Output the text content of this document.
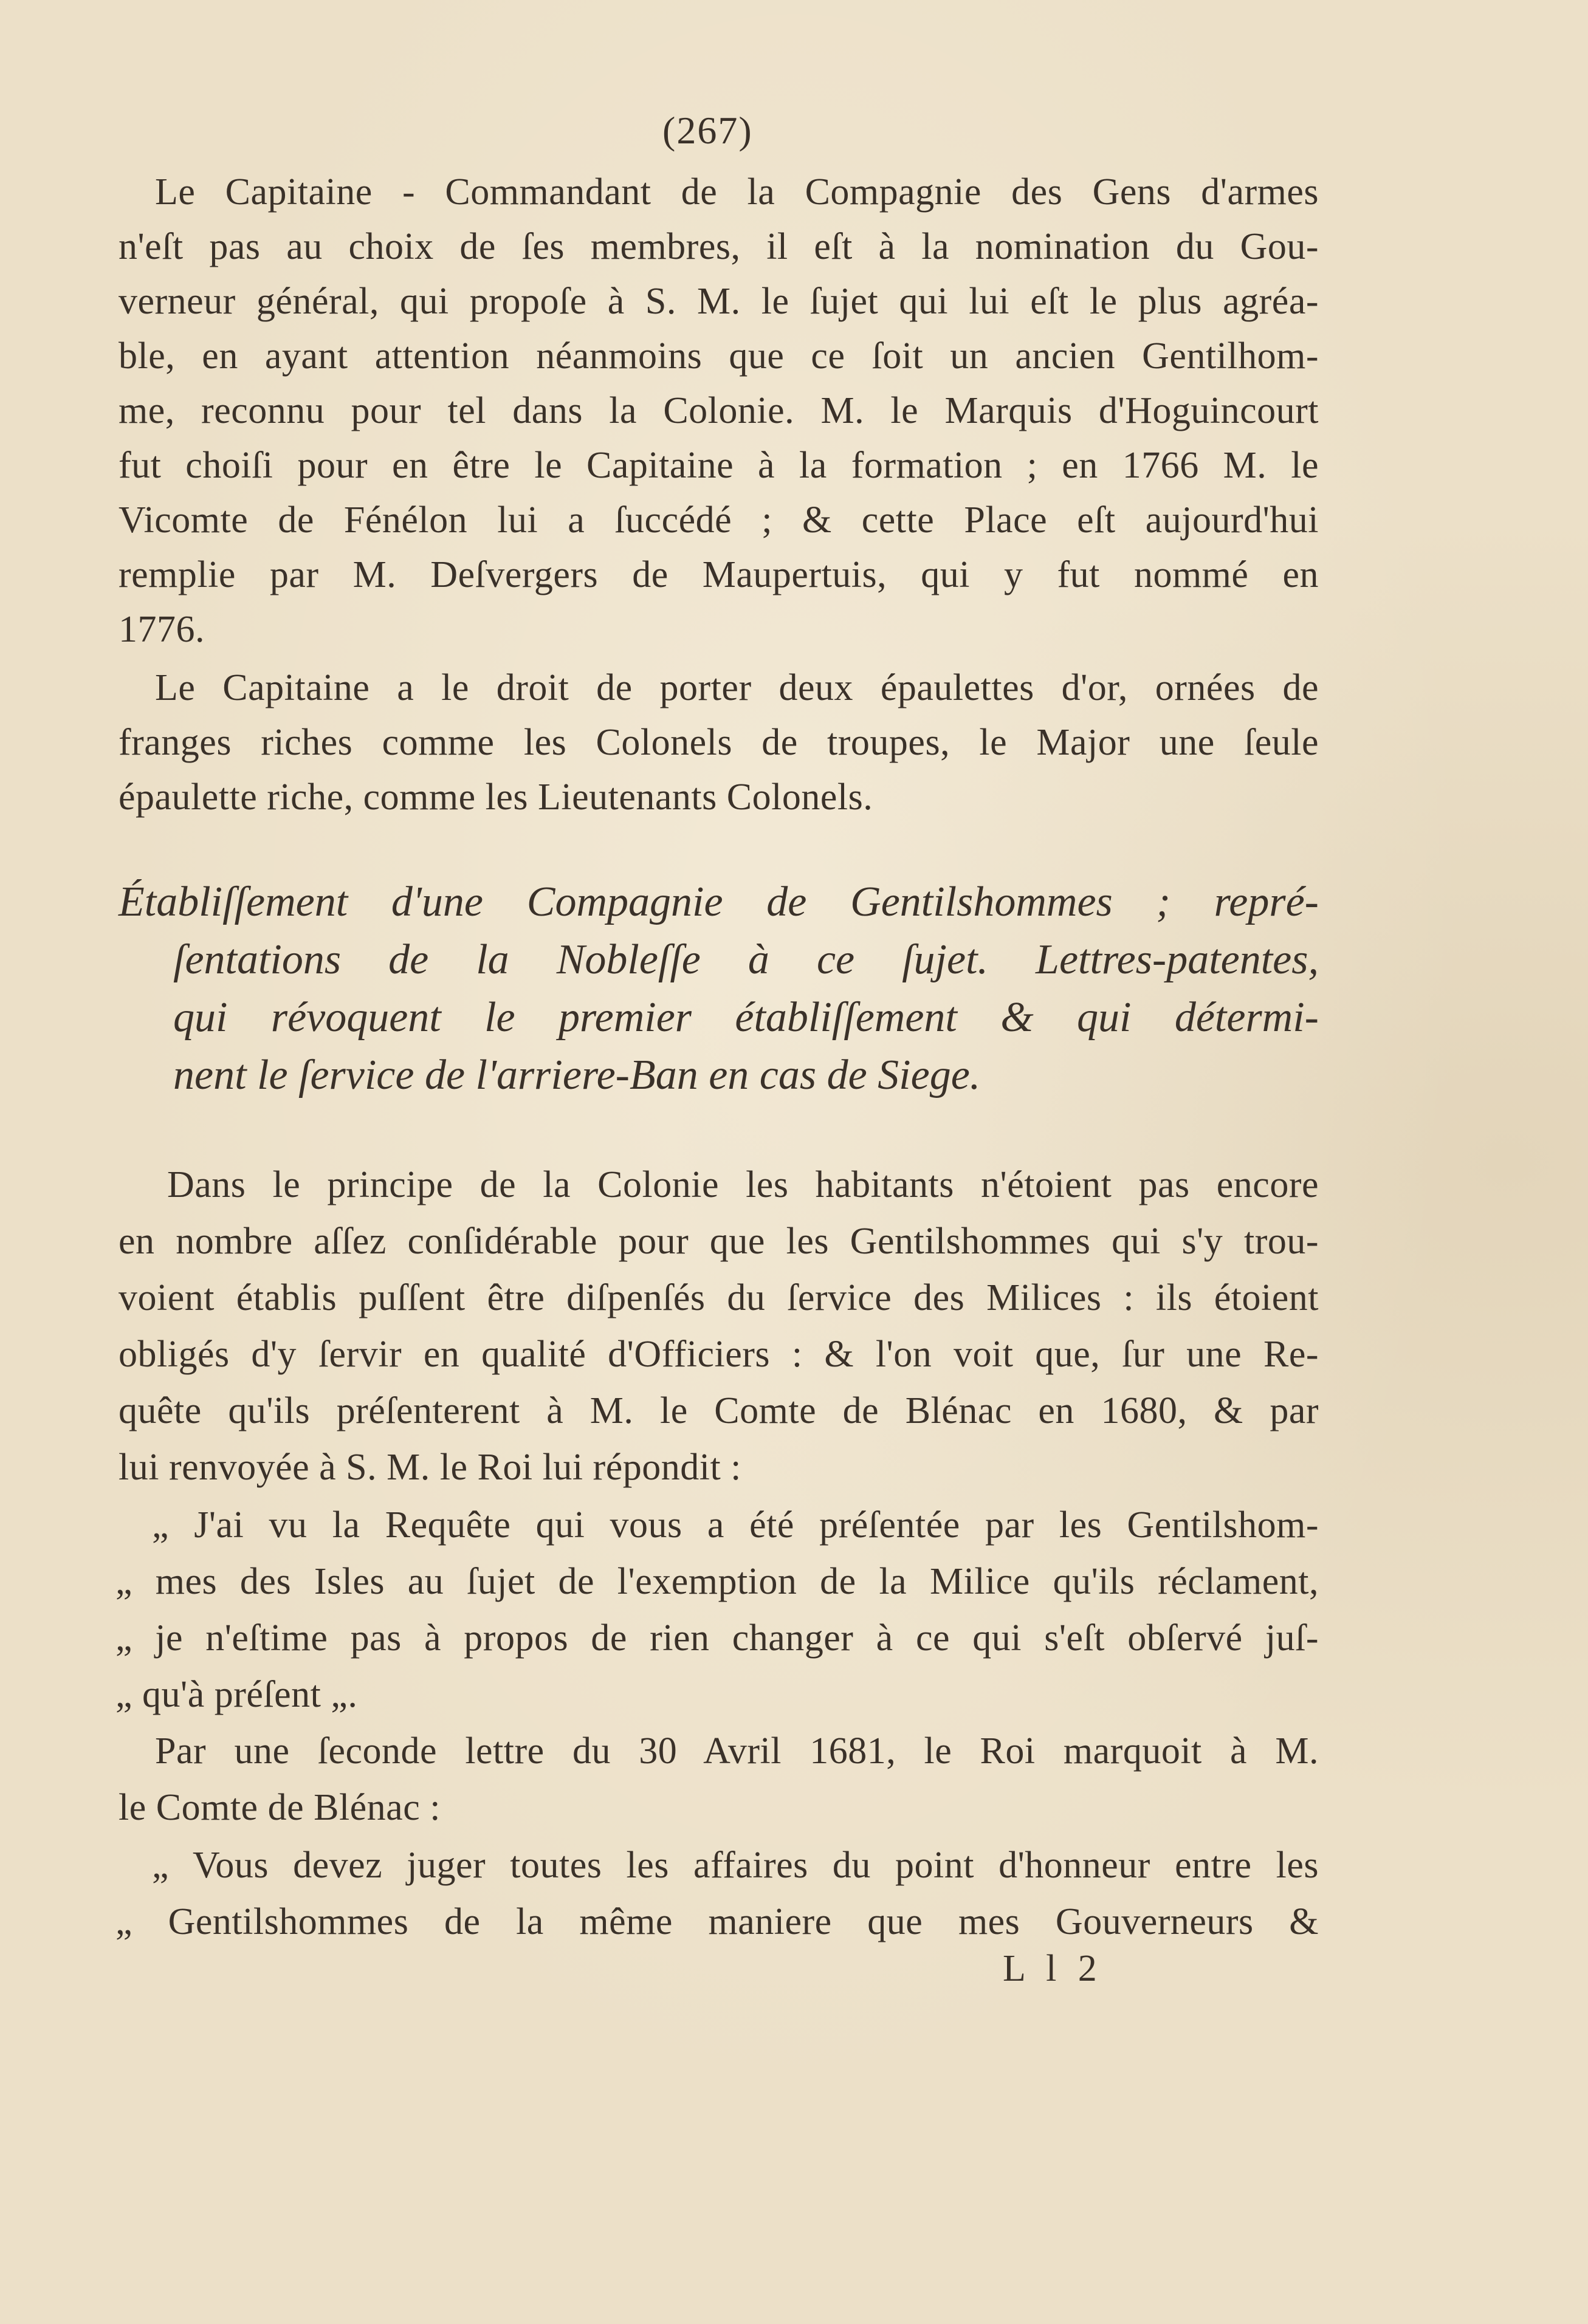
(267)
Le Capitaine - Commandant de la Compagnie des Gens d'armes
n'eſt pas au choix de ſes membres, il eſt à la nomination du Gou-
verneur général, qui propoſe à S. M. le ſujet qui lui eſt le plus agréa-
ble, en ayant attention néanmoins que ce ſoit un ancien Gentilhom-
me, reconnu pour tel dans la Colonie. M. le Marquis d'Hoguincourt
fut choiſi pour en être le Capitaine à la formation ; en 1766 M. le
Vicomte de Fénélon lui a ſuccédé ; & cette Place eſt aujourd'hui
remplie par M. Deſvergers de Maupertuis, qui y fut nommé en
1776.
Le Capitaine a le droit de porter deux épaulettes d'or, ornées de
franges riches comme les Colonels de troupes, le Major une ſeule
épaulette riche, comme les Lieutenants Colonels.
Établiſſement d'une Compagnie de Gentilshommes ; repré-
ſentations de la Nobleſſe à ce ſujet. Lettres-patentes,
qui révoquent le premier établiſſement & qui détermi-
nent le ſervice de l'arriere-Ban en cas de Siege.
Dans le principe de la Colonie les habitants n'étoient pas encore
en nombre aſſez conſidérable pour que les Gentilshommes qui s'y trou-
voient établis puſſent être diſpenſés du ſervice des Milices : ils étoient
obligés d'y ſervir en qualité d'Officiers : & l'on voit que, ſur une Re-
quête qu'ils préſenterent à M. le Comte de Blénac en 1680, & par
lui renvoyée à S. M. le Roi lui répondit :
„ J'ai vu la Requête qui vous a été préſentée par les Gentilshom-
„ mes des Isles au ſujet de l'exemption de la Milice qu'ils réclament,
„ je n'eſtime pas à propos de rien changer à ce qui s'eſt obſervé juſ-
„ qu'à préſent „.
Par une ſeconde lettre du 30 Avril 1681, le Roi marquoit à M.
le Comte de Blénac :
„ Vous devez juger toutes les affaires du point d'honneur entre les
„ Gentilshommes de la même maniere que mes Gouverneurs &
L l 2
